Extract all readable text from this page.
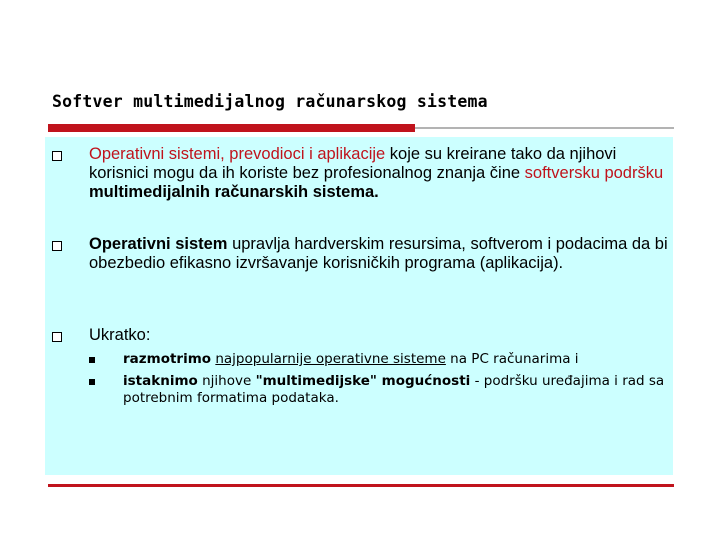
Softver multimedijalnog računarskog sistema
Operativni sistemi, prevodioci i aplikacije koje su kreirane tako da njihovi korisnici mogu da ih koriste bez profesionalnog znanja čine softversku podršku multimedijalnih računarskih sistema.
Operativni sistem upravlja hardverskim resursima, softverom i podacima da bi obezbedio efikasno izvršavanje korisničkih programa (aplikacija).
Ukratko:
razmotrimo najpopularnije operativne sisteme na PC računarima i
istaknimo njihove "multimedijske" mogućnosti - podršku uređajima i rad sa potrebnim formatima podataka.
